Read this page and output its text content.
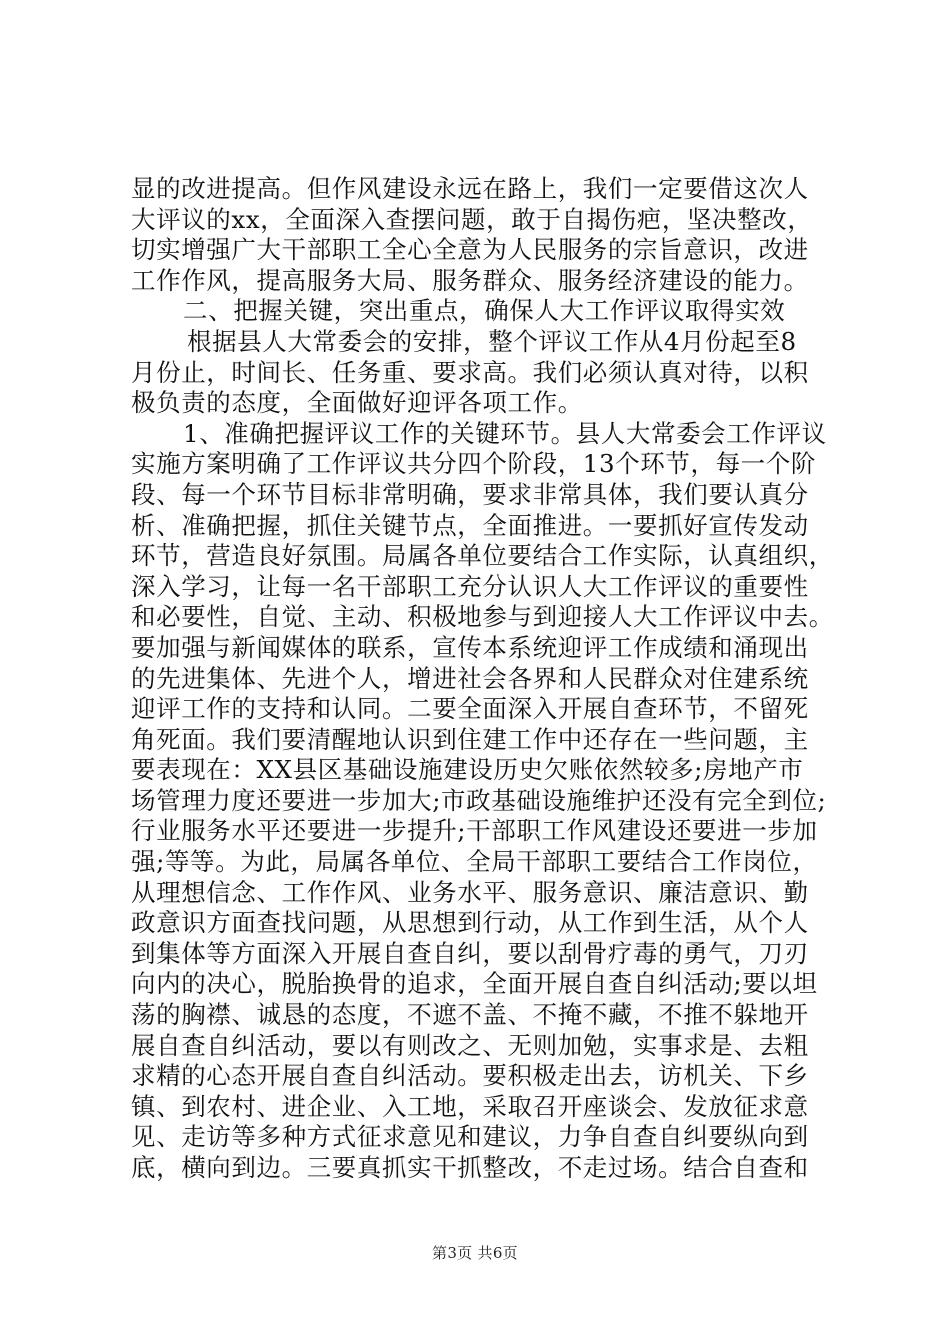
显的改进提高。但作风建设永远在路上，我们一定要借这次人
大评议的xx，全面深入查摆问题，敢于自揭伤疤，坚决整改，
切实增强广大干部职工全心全意为人民服务的宗旨意识，改进
工作作风，提高服务大局、服务群众、服务经济建设的能力。
二、把握关键，突出重点，确保人大工作评议取得实效
根据县人大常委会的安排，整个评议工作从4月份起至8
月份止，时间长、任务重、要求高。我们必须认真对待，以积
极负责的态度，全面做好迎评各项工作。
1、准确把握评议工作的关键环节。县人大常委会工作评议
实施方案明确了工作评议共分四个阶段，13个环节，每一个阶
段、每一个环节目标非常明确，要求非常具体，我们要认真分
析、准确把握，抓住关键节点，全面推进。一要抓好宣传发动
环节，营造良好氛围。局属各单位要结合工作实际，认真组织，
深入学习，让每一名干部职工充分认识人大工作评议的重要性
和必要性，自觉、主动、积极地参与到迎接人大工作评议中去。
要加强与新闻媒体的联系，宣传本系统迎评工作成绩和涌现出
的先进集体、先进个人，增进社会各界和人民群众对住建系统
迎评工作的支持和认同。二要全面深入开展自查环节，不留死
角死面。我们要清醒地认识到住建工作中还存在一些问题，主
要表现在：XX县区基础设施建设历史欠账依然较多;房地产市
场管理力度还要进一步加大;市政基础设施维护还没有完全到位;
行业服务水平还要进一步提升;干部职工作风建设还要进一步加
强;等等。为此，局属各单位、全局干部职工要结合工作岗位，
从理想信念、工作作风、业务水平、服务意识、廉洁意识、勤
政意识方面查找问题，从思想到行动，从工作到生活，从个人
到集体等方面深入开展自查自纠，要以刮骨疗毒的勇气，刀刃
向内的决心，脱胎换骨的追求，全面开展自查自纠活动;要以坦
荡的胸襟、诚恳的态度，不遮不盖、不掩不藏，不推不躲地开
展自查自纠活动，要以有则改之、无则加勉，实事求是、去粗
求精的心态开展自查自纠活动。要积极走出去，访机关、下乡
镇、到农村、进企业、入工地，采取召开座谈会、发放征求意
见、走访等多种方式征求意见和建议，力争自查自纠要纵向到
底，横向到边。三要真抓实干抓整改，不走过场。结合自查和
第3页 共6页
